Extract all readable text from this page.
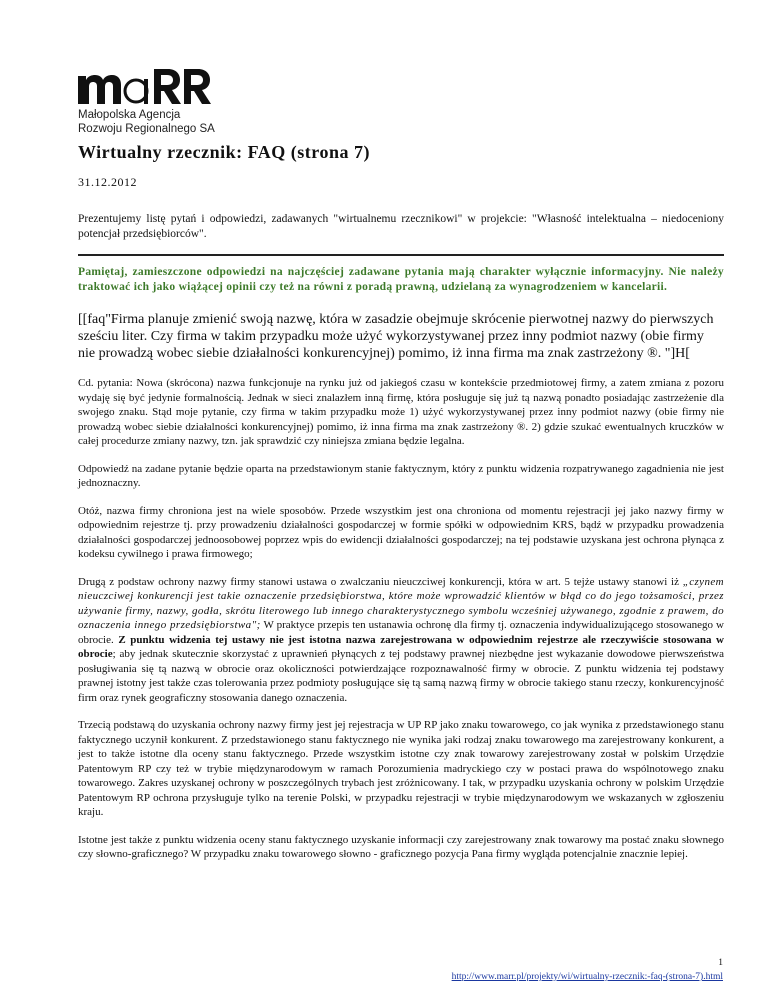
Małopolska Agencja
Rozwoju Regionalnego SA
Wirtualny rzecznik: FAQ (strona 7)
31.12.2012

Prezentujemy listę pytań i odpowiedzi, zadawanych "wirtualnemu rzecznikowi" w projekcie: "Własność intelektualna – niedoceniony potencjał przedsiębiorców".

Pamiętaj, zamieszczone odpowiedzi na najczęściej zadawane pytania mają charakter wyłącznie informacyjny. Nie należy traktować ich jako wiążącej opinii czy też na równi z poradą prawną, udzielaną za wynagrodzeniem w kancelarii.

[[faq"Firma planuje zmienić swoją nazwę, która w zasadzie obejmuje skrócenie pierwotnej nazwy do pierwszych sześciu liter. Czy firma w takim przypadku może użyć wykorzystywanej przez inny podmiot nazwy (obie firmy nie prowadzą wobec siebie działalności konkurencyjnej) pomimo, iż inna firma ma znak zastrzeżony ®. "]H[

Cd. pytania: Nowa (skrócona) nazwa funkcjonuje na rynku już od jakiegoś czasu w kontekście przedmiotowej firmy, a zatem zmiana z pozoru wydaję się być jedynie formalnością. Jednak w sieci znalazłem inną firmę, która posługuje się już tą nazwą ponadto posiadając zastrzeżenie dla swojego znaku. Stąd moje pytanie, czy firma w takim przypadku może 1) użyć wykorzystywanej przez inny podmiot nazwy (obie firmy nie prowadzą wobec siebie działalności konkurencyjnej) pomimo, iż inna firma ma znak zastrzeżony ®. 2) gdzie szukać ewentualnych kruczków w całej procedurze zmiany nazwy, tzn. jak sprawdzić czy niniejsza zmiana będzie legalna.

Odpowiedź na zadane pytanie będzie oparta na przedstawionym stanie faktycznym, który z punktu widzenia rozpatrywanego zagadnienia nie jest jednoznaczny.

Otóż, nazwa firmy chroniona jest na wiele sposobów. Przede wszystkim jest ona chroniona od momentu rejestracji jej jako nazwy firmy w odpowiednim rejestrze tj. przy prowadzeniu działalności gospodarczej w formie spółki w odpowiednim KRS, bądź w przypadku prowadzenia działalności gospodarczej jednoosobowej poprzez wpis do ewidencji działalności gospodarczej; na tej podstawie uzyskana jest ochrona płynąca z kodeksu cywilnego i prawa firmowego;

Drugą z podstaw ochrony nazwy firmy stanowi ustawa o zwalczaniu nieuczciwej konkurencji, która w art. 5 tejże ustawy stanowi iż „czynem nieuczciwej konkurencji jest takie oznaczenie przedsiębiorstwa, które może wprowadzić klientów w błąd co do jego tożsamości, przez używanie firmy, nazwy, godła, skrótu literowego lub innego charakterystycznego symbolu wcześniej używanego, zgodnie z prawem, do oznaczenia innego przedsiębiorstwa"; W praktyce przepis ten ustanawia ochronę dla firmy tj. oznaczenia indywidualizującego stosowanego w obrocie. Z punktu widzenia tej ustawy nie jest istotna nazwa zarejestrowana w odpowiednim rejestrze ale rzeczywiście stosowana w obrocie; aby jednak skutecznie skorzystać z uprawnień płynących z tej podstawy prawnej niezbędne jest wykazanie dowodowe pierwszeństwa posługiwania się tą nazwą w obrocie oraz okoliczności potwierdzające rozpoznawalność firmy w obrocie. Z punktu widzenia tej podstawy prawnej istotny jest także czas tolerowania przez podmioty posługujące się tą samą nazwą firmy w obrocie takiego stanu rzeczy, konkurencyjność firm oraz rynek geograficzny stosowania danego oznaczenia.

Trzecią podstawą do uzyskania ochrony nazwy firmy jest jej rejestracja w UP RP jako znaku towarowego, co jak wynika z przedstawionego stanu faktycznego uczynił konkurent. Z przedstawionego stanu faktycznego nie wynika jaki rodzaj znaku towarowego ma zarejestrowany konkurent, a jest to także istotne dla oceny stanu faktycznego. Przede wszystkim istotne czy znak towarowy zarejestrowany został w polskim Urzędzie Patentowym RP czy też w trybie międzynarodowym w ramach Porozumienia madryckiego czy w postaci prawa do wspólnotowego znaku towarowego. Zakres uzyskanej ochrony w poszczególnych trybach jest zróżnicowany. I tak, w przypadku uzyskania ochrony w polskim Urzędzie Patentowym RP ochrona przysługuje tylko na terenie Polski, w przypadku rejestracji w trybie międzynarodowym we wskazanych w zgłoszeniu kraju.

Istotne jest także z punktu widzenia oceny stanu faktycznego uzyskanie informacji czy zarejestrowany znak towarowy ma postać znaku słownego czy słowno-graficznego? W przypadku znaku towarowego słowno - graficznego pozycja Pana firmy wygląda potencjalnie znacznie lepiej.

1
http://www.marr.pl/projekty/wi/wirtualny-rzecznik:-faq-(strona-7).html
